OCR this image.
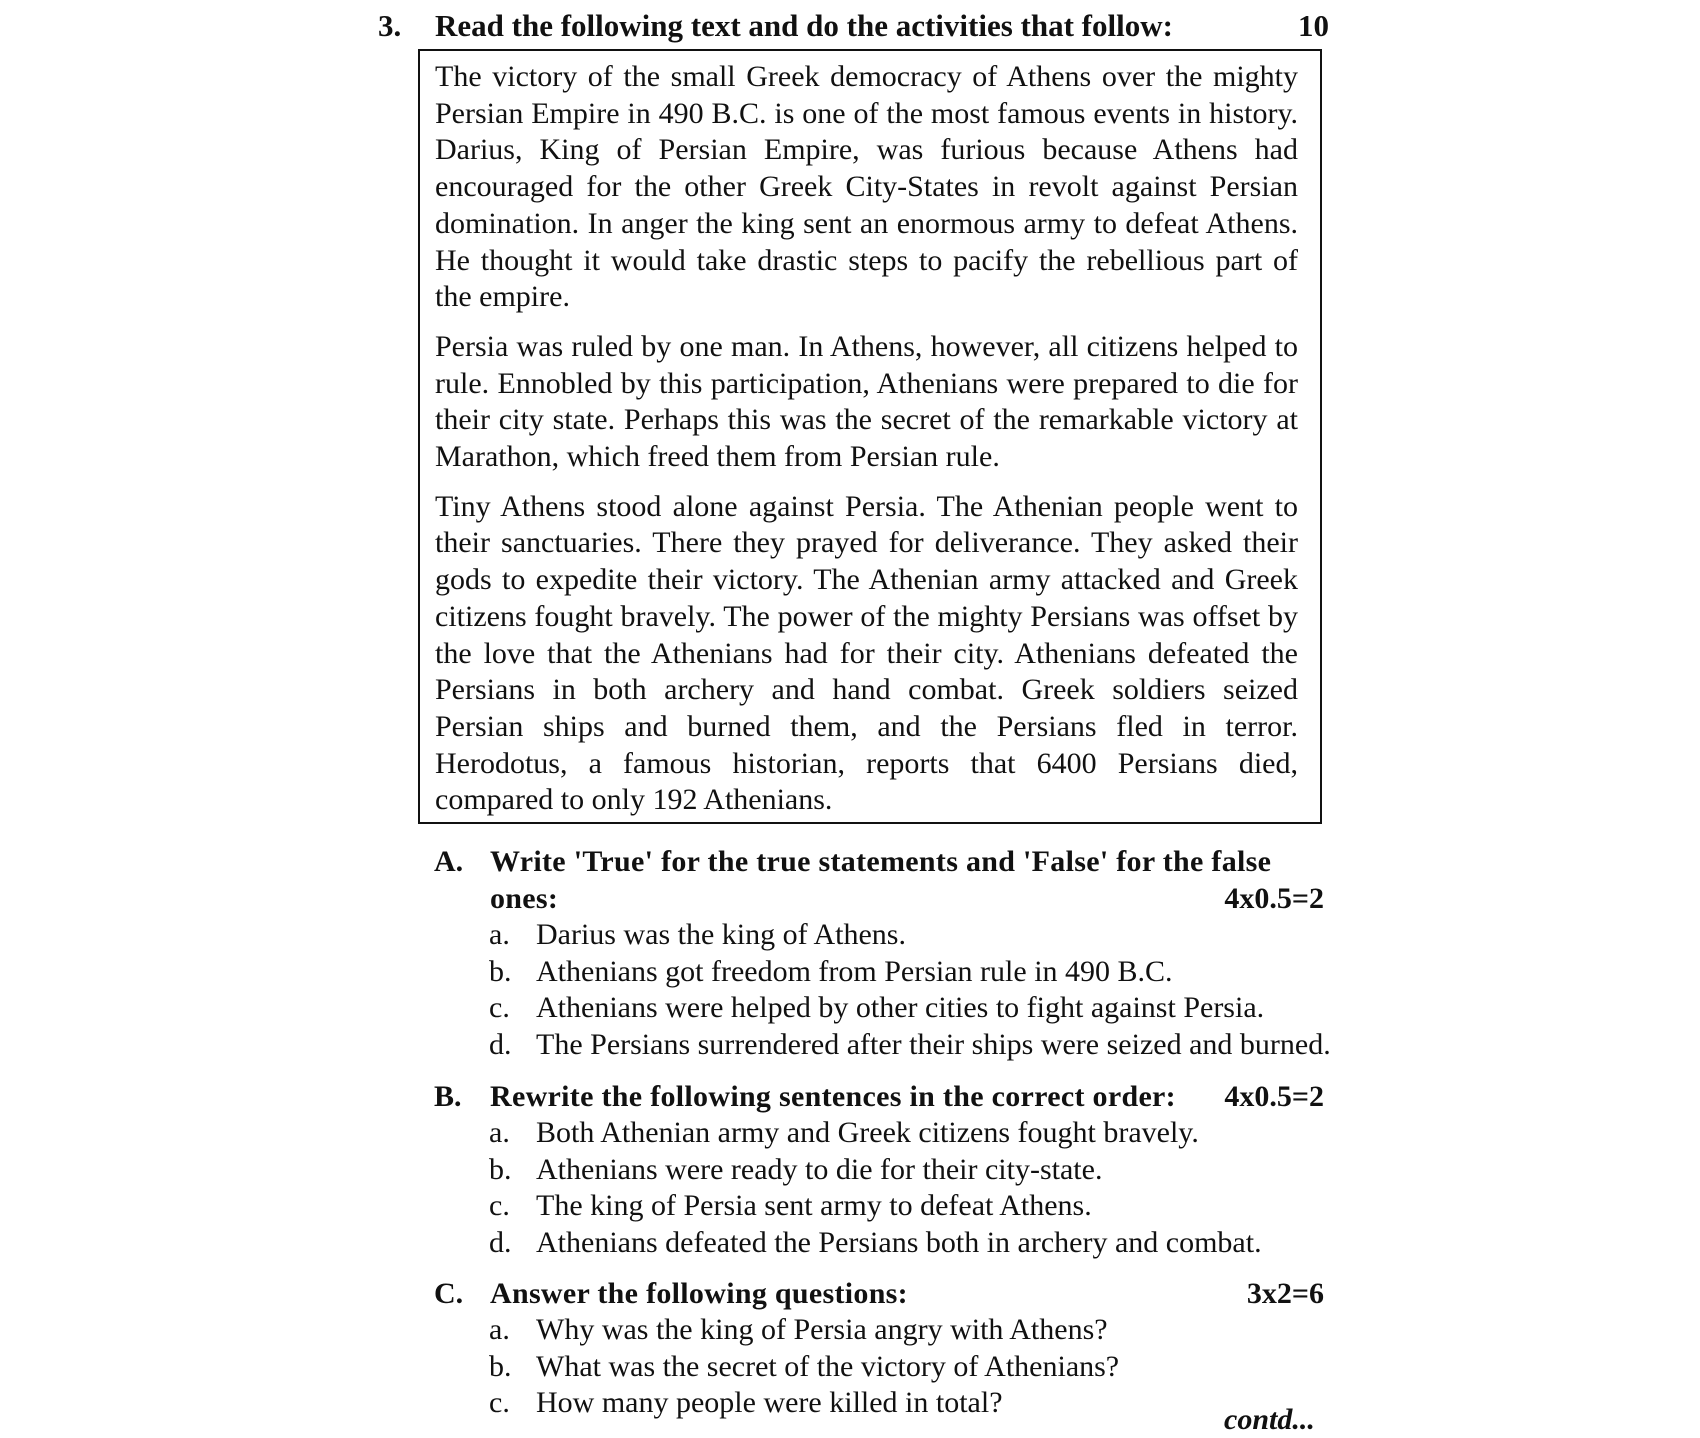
3. Read the following text and do the activities that follow:	10

The victory of the small Greek democracy of Athens over the mighty Persian Empire in 490 B.C. is one of the most famous events in history. Darius, King of Persian Empire, was furious because Athens had encouraged for the other Greek City-States in revolt against Persian domination. In anger the king sent an enormous army to defeat Athens. He thought it would take drastic steps to pacify the rebellious part of the empire.

Persia was ruled by one man. In Athens, however, all citizens helped to rule. Ennobled by this participation, Athenians were prepared to die for their city state. Perhaps this was the secret of the remarkable victory at Marathon, which freed them from Persian rule.

Tiny Athens stood alone against Persia. The Athenian people went to their sanctuaries. There they prayed for deliverance. They asked their gods to expedite their victory. The Athenian army attacked and Greek citizens fought bravely. The power of the mighty Persians was offset by the love that the Athenians had for their city. Athenians defeated the Persians in both archery and hand combat. Greek soldiers seized Persian ships and burned them, and the Persians fled in terror. Herodotus, a famous historian, reports that 6400 Persians died, compared to only 192 Athenians.

A. Write 'True' for the true statements and 'False' for the false ones:	4x0.5=2
a. Darius was the king of Athens.
b. Athenians got freedom from Persian rule in 490 B.C.
c. Athenians were helped by other cities to fight against Persia.
d. The Persians surrendered after their ships were seized and burned.
B. Rewrite the following sentences in the correct order:	4x0.5=2
a. Both Athenian army and Greek citizens fought bravely.
b. Athenians were ready to die for their city-state.
c. The king of Persia sent army to defeat Athens.
d. Athenians defeated the Persians both in archery and combat.
C. Answer the following questions:	3x2=6
a. Why was the king of Persia angry with Athens?
b. What was the secret of the victory of Athenians?
c. How many people were killed in total?
contd...
